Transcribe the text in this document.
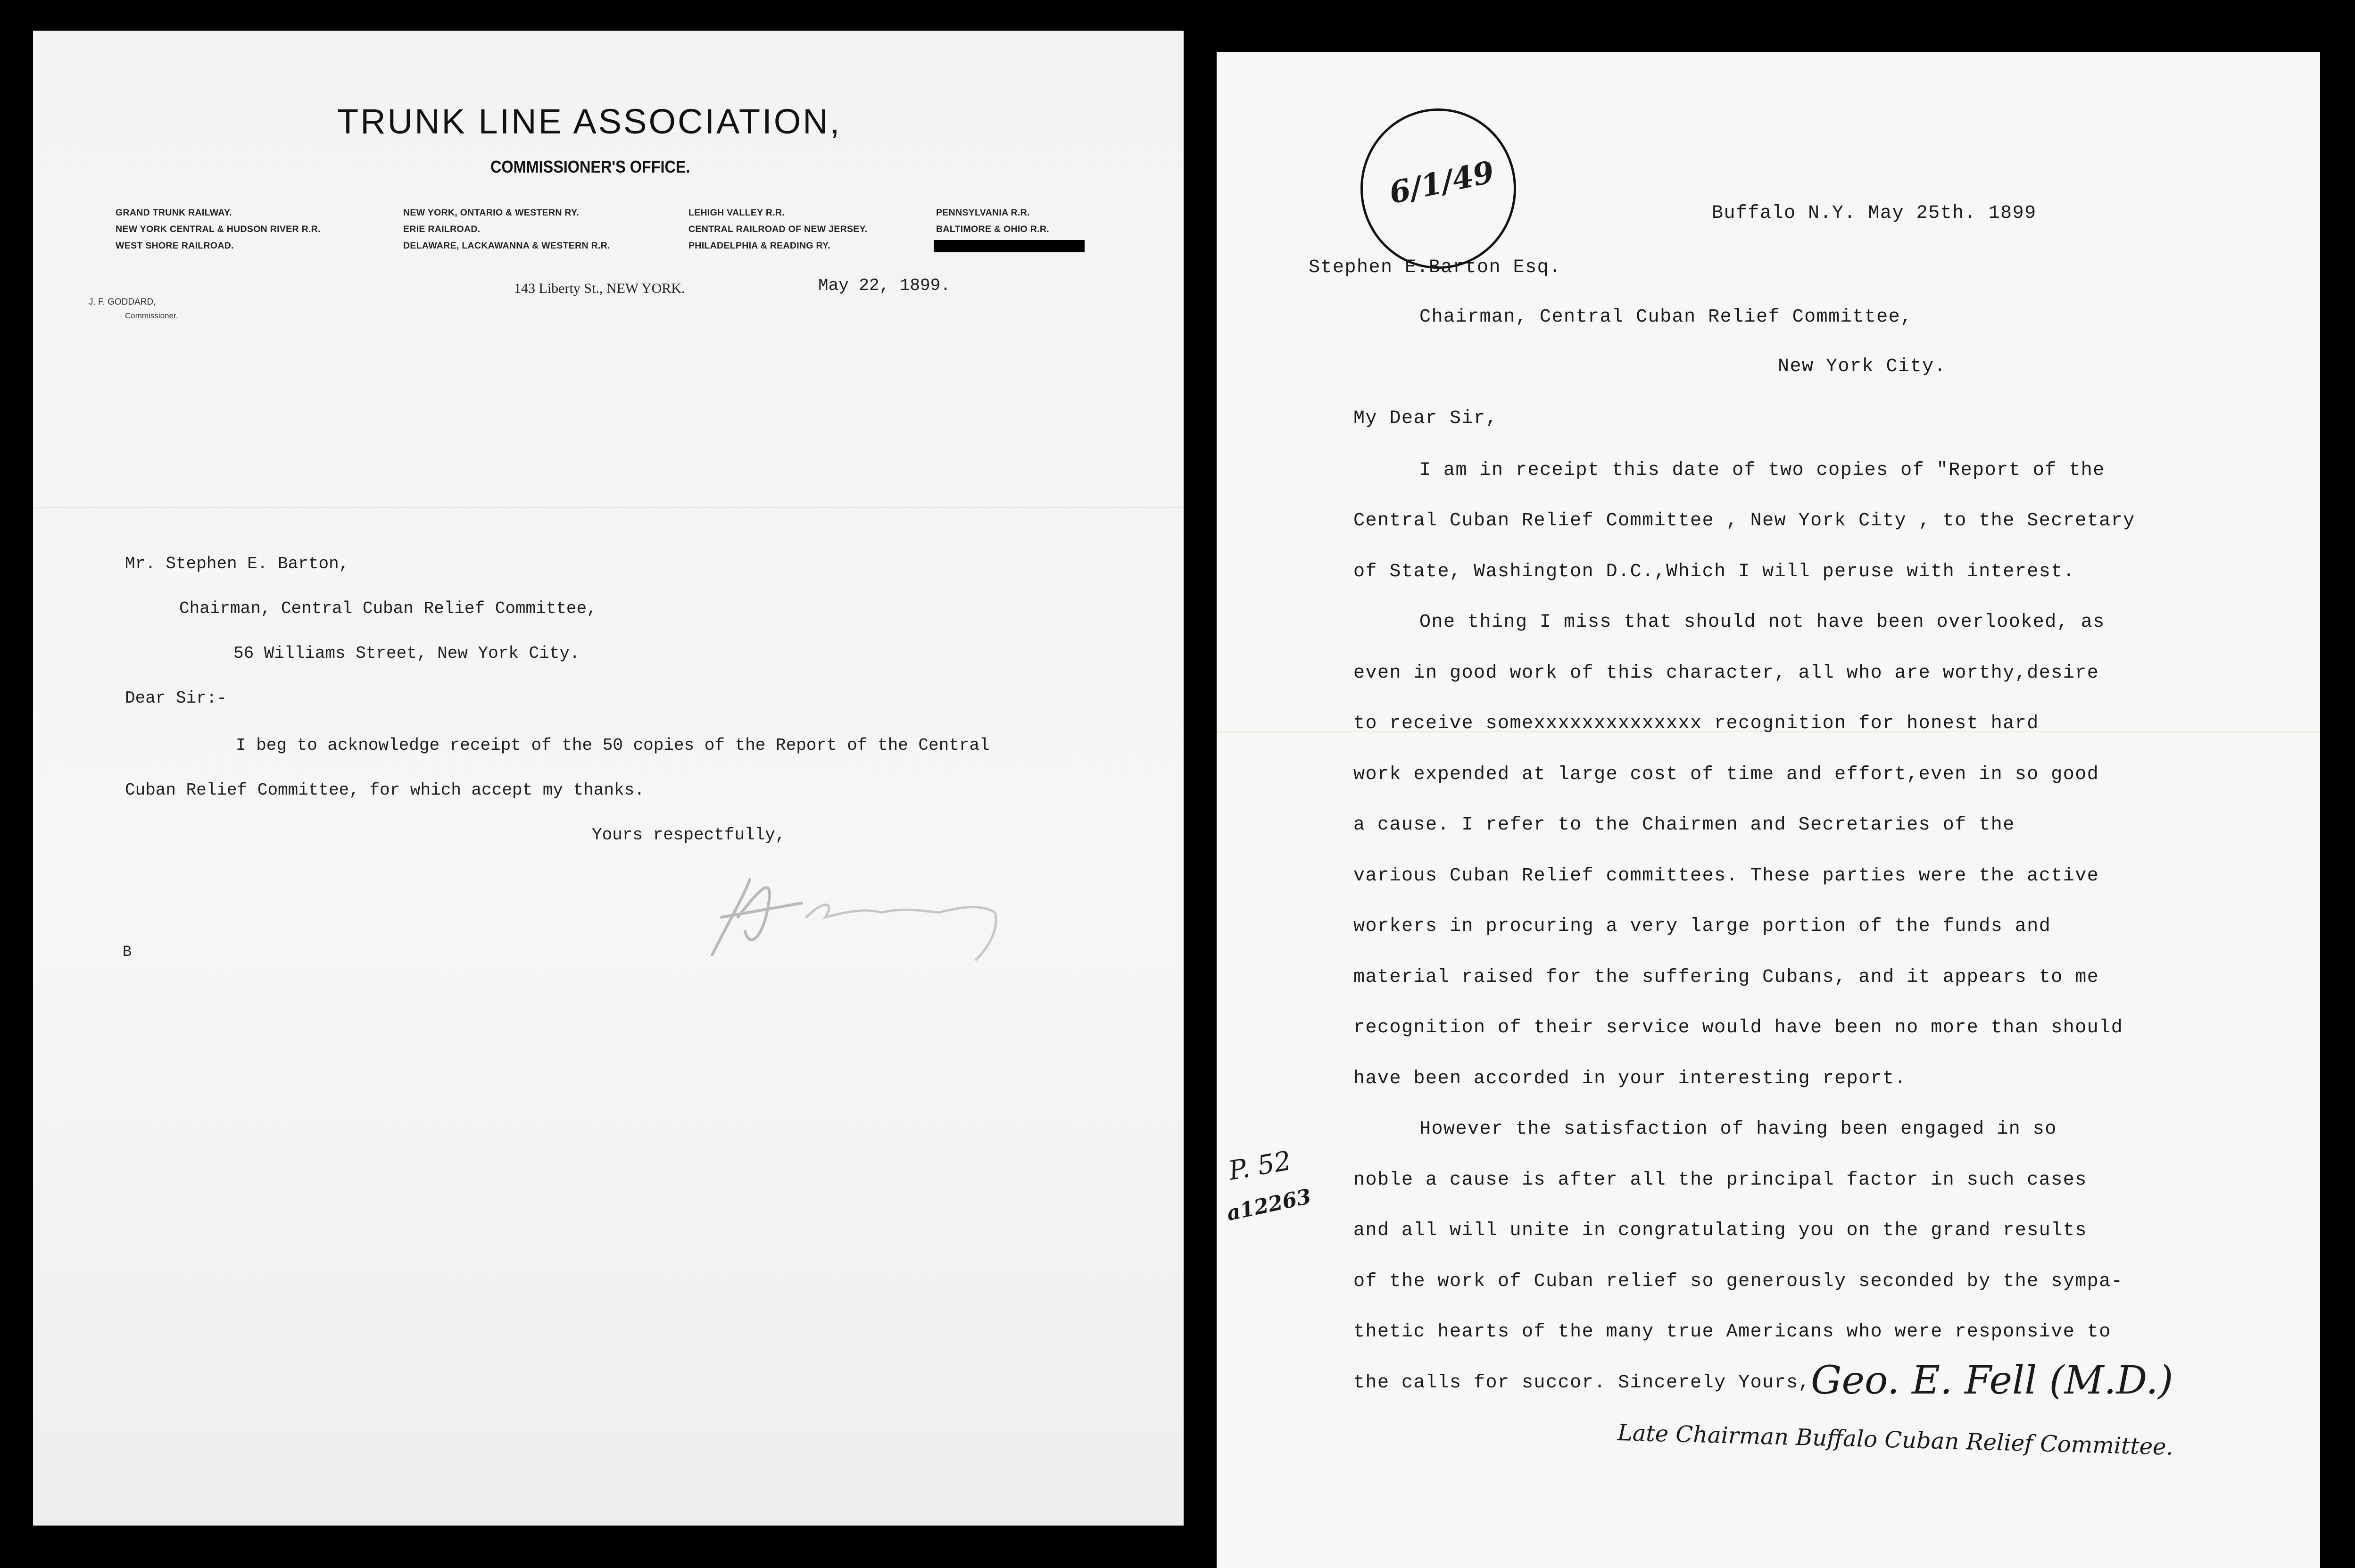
TRUNK LINE ASSOCIATION,
COMMISSIONER'S OFFICE.
GRAND TRUNK RAILWAY.
NEW YORK CENTRAL & HUDSON RIVER R.R.
WEST SHORE RAILROAD.
NEW YORK, ONTARIO & WESTERN RY.
ERIE RAILROAD.
DELAWARE, LACKAWANNA & WESTERN R.R.
LEHIGH VALLEY R.R.
CENTRAL RAILROAD OF NEW JERSEY.
PHILADELPHIA & READING RY.
PENNSYLVANIA R.R.
BALTIMORE & OHIO R.R.
143 Liberty St., NEW YORK.	May 22, 1899.
J. F. GODDARD,
Commissioner.
Mr. Stephen E. Barton,
Chairman, Central Cuban Relief Committee,
56 Williams Street, New York City.
Dear Sir:-
I beg to acknowledge receipt of the 50 copies of the Report of the Central
Cuban Relief Committee, for which accept my thanks.
Yours respectfully,
B
6/1/49
Buffalo N.Y. May 25th. 1899
Stephen E.Barton Esq.
Chairman, Central Cuban Relief Committee,
New York City.
My Dear Sir,
I am in receipt this date of two copies of "Report of the
Central Cuban Relief Committee , New York City , to the Secretary
of State, Washington D.C.,Which I will peruse with interest.
One thing I miss that should not have been overlooked, as
even in good work of this character, all who are worthy,desire
to receive somexxxxxxxxxxxxxx recognition for honest hard
work expended at large cost of time and effort,even in so good
a cause. I refer to the Chairmen and Secretaries of the
various Cuban Relief committees. These parties were the active
workers in procuring a very large portion of the funds and
material raised for the suffering Cubans, and it appears to me
recognition of their service would have been no more than should
have been accorded in your interesting report.
However the satisfaction of having been engaged in so
noble a cause is after all the principal factor in such cases
and all will unite in congratulating you on the grand results
of the work of Cuban relief so generously seconded by the sympa-
thetic hearts of the many true Americans who were responsive to
the calls for succor. Sincerely Yours, Geo. E. Fell (M.D.)
Late Chairman Buffalo Cuban Relief Committee.
P. 52
a12263
